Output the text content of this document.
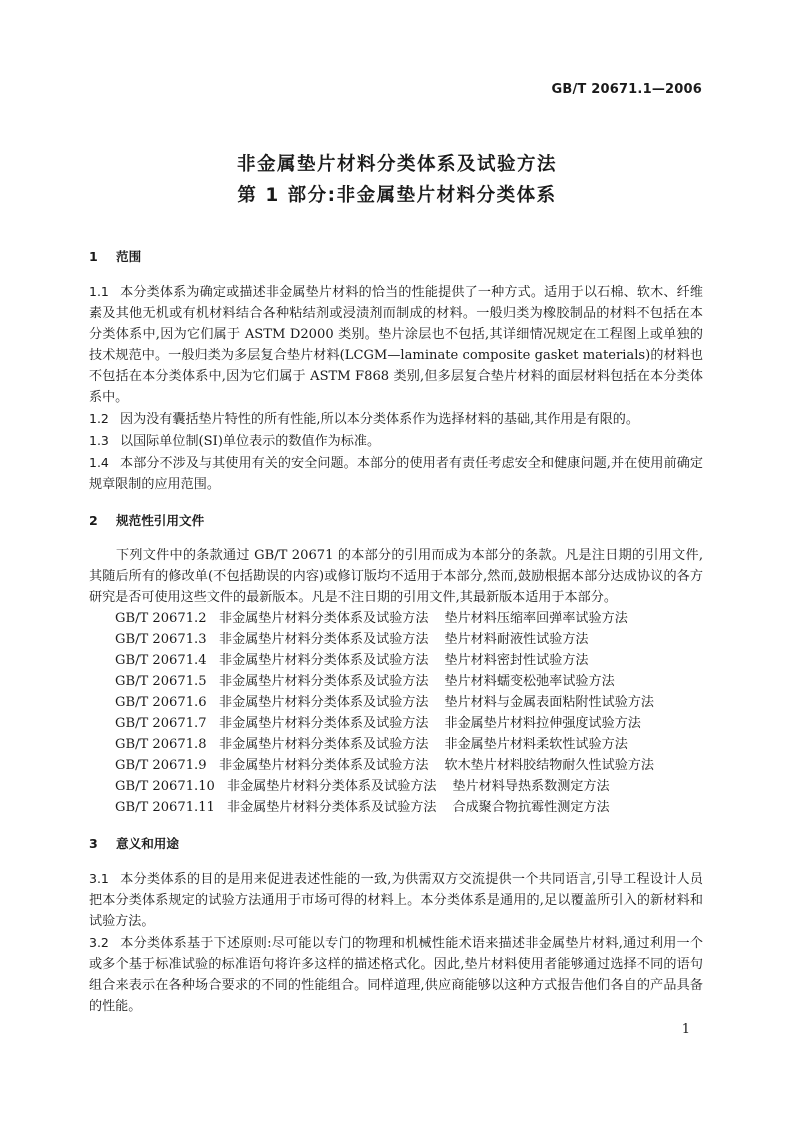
GB/T 20671.1—2006
非金属垫片材料分类体系及试验方法
第 1 部分:非金属垫片材料分类体系
1 范围

1.1 本分类体系为确定或描述非金属垫片材料的恰当的性能提供了一种方式。适用于以石棉、软木、纤维素及其他无机或有机材料结合各种粘结剂或浸渍剂而制成的材料。一般归类为橡胶制品的材料不包括在本分类体系中,因为它们属于 ASTM D2000 类别。垫片涂层也不包括,其详细情况规定在工程图上或单独的技术规范中。一般归类为多层复合垫片材料(LCGM—laminate composite gasket materials)的材料也不包括在本分类体系中,因为它们属于 ASTM F868 类别,但多层复合垫片材料的面层材料包括在本分类体系中。

1.2 因为没有囊括垫片特性的所有性能,所以本分类体系作为选择材料的基础,其作用是有限的。

1.3 以国际单位制(SI)单位表示的数值作为标准。

1.4 本部分不涉及与其使用有关的安全问题。本部分的使用者有责任考虑安全和健康问题,并在使用前确定规章限制的应用范围。

2 规范性引用文件

下列文件中的条款通过 GB/T 20671 的本部分的引用而成为本部分的条款。凡是注日期的引用文件,其随后所有的修改单(不包括勘误的内容)或修订版均不适用于本部分,然而,鼓励根据本部分达成协议的各方研究是否可使用这些文件的最新版本。凡是不注日期的引用文件,其最新版本适用于本部分。

GB/T 20671.2 非金属垫片材料分类体系及试验方法 垫片材料压缩率回弹率试验方法
GB/T 20671.3 非金属垫片材料分类体系及试验方法 垫片材料耐液性试验方法
GB/T 20671.4 非金属垫片材料分类体系及试验方法 垫片材料密封性试验方法
GB/T 20671.5 非金属垫片材料分类体系及试验方法 垫片材料蠕变松弛率试验方法
GB/T 20671.6 非金属垫片材料分类体系及试验方法 垫片材料与金属表面粘附性试验方法
GB/T 20671.7 非金属垫片材料分类体系及试验方法 非金属垫片材料拉伸强度试验方法
GB/T 20671.8 非金属垫片材料分类体系及试验方法 非金属垫片材料柔软性试验方法
GB/T 20671.9 非金属垫片材料分类体系及试验方法 软木垫片材料胶结物耐久性试验方法
GB/T 20671.10 非金属垫片材料分类体系及试验方法 垫片材料导热系数测定方法
GB/T 20671.11 非金属垫片材料分类体系及试验方法 合成聚合物抗霉性测定方法
3 意义和用途

3.1 本分类体系的目的是用来促进表述性能的一致,为供需双方交流提供一个共同语言,引导工程设计人员把本分类体系规定的试验方法通用于市场可得的材料上。本分类体系是通用的,足以覆盖所引入的新材料和试验方法。

3.2 本分类体系基于下述原则:尽可能以专门的物理和机械性能术语来描述非金属垫片材料,通过利用一个或多个基于标准试验的标准语句将许多这样的描述格式化。因此,垫片材料使用者能够通过选择不同的语句组合来表示在各种场合要求的不同的性能组合。同样道理,供应商能够以这种方式报告他们各自的产品具备的性能。

1
